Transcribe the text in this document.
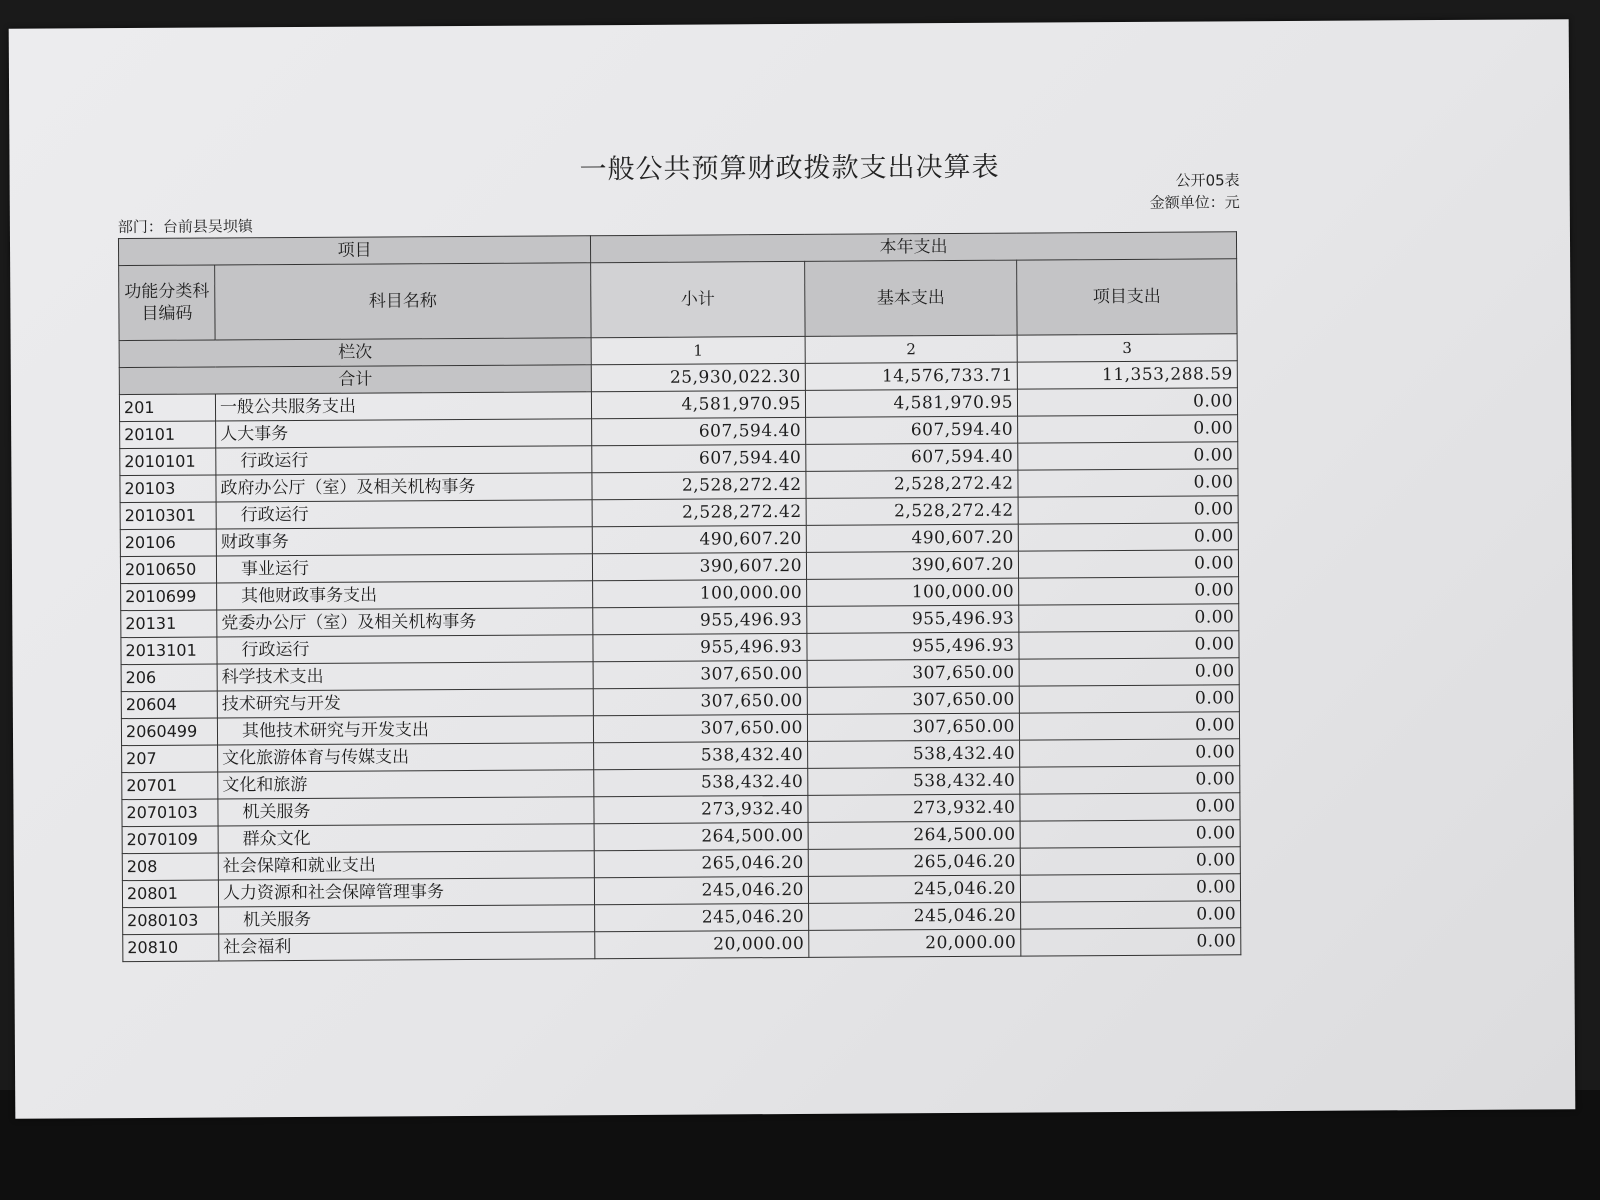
一般公共预算财政拨款支出决算表	公开05表
金额单位：元
部门：台前县吴坝镇
项目		本年支出		
功能分类科目编码	科目名称	小计	基本支出	项目支出
栏次		1	2	3
合计		25,930,022.30	14,576,733.71	11,353,288.59
201	一般公共服务支出	4,581,970.95	4,581,970.95	0.00
20101	人大事务	607,594.40	607,594.40	0.00
2010101	行政运行	607,594.40	607,594.40	0.00
20103	政府办公厅（室）及相关机构事务	2,528,272.42	2,528,272.42	0.00
2010301	行政运行	2,528,272.42	2,528,272.42	0.00
20106	财政事务	490,607.20	490,607.20	0.00
2010650	事业运行	390,607.20	390,607.20	0.00
2010699	其他财政事务支出	100,000.00	100,000.00	0.00
20131	党委办公厅（室）及相关机构事务	955,496.93	955,496.93	0.00
2013101	行政运行	955,496.93	955,496.93	0.00
206	科学技术支出	307,650.00	307,650.00	0.00
20604	技术研究与开发	307,650.00	307,650.00	0.00
2060499	其他技术研究与开发支出	307,650.00	307,650.00	0.00
207	文化旅游体育与传媒支出	538,432.40	538,432.40	0.00
20701	文化和旅游	538,432.40	538,432.40	0.00
2070103	机关服务	273,932.40	273,932.40	0.00
2070109	群众文化	264,500.00	264,500.00	0.00
208	社会保障和就业支出	265,046.20	265,046.20	0.00
20801	人力资源和社会保障管理事务	245,046.20	245,046.20	0.00
2080103	机关服务	245,046.20	245,046.20	0.00
20810	社会福利	20,000.00	20,000.00	0.00
